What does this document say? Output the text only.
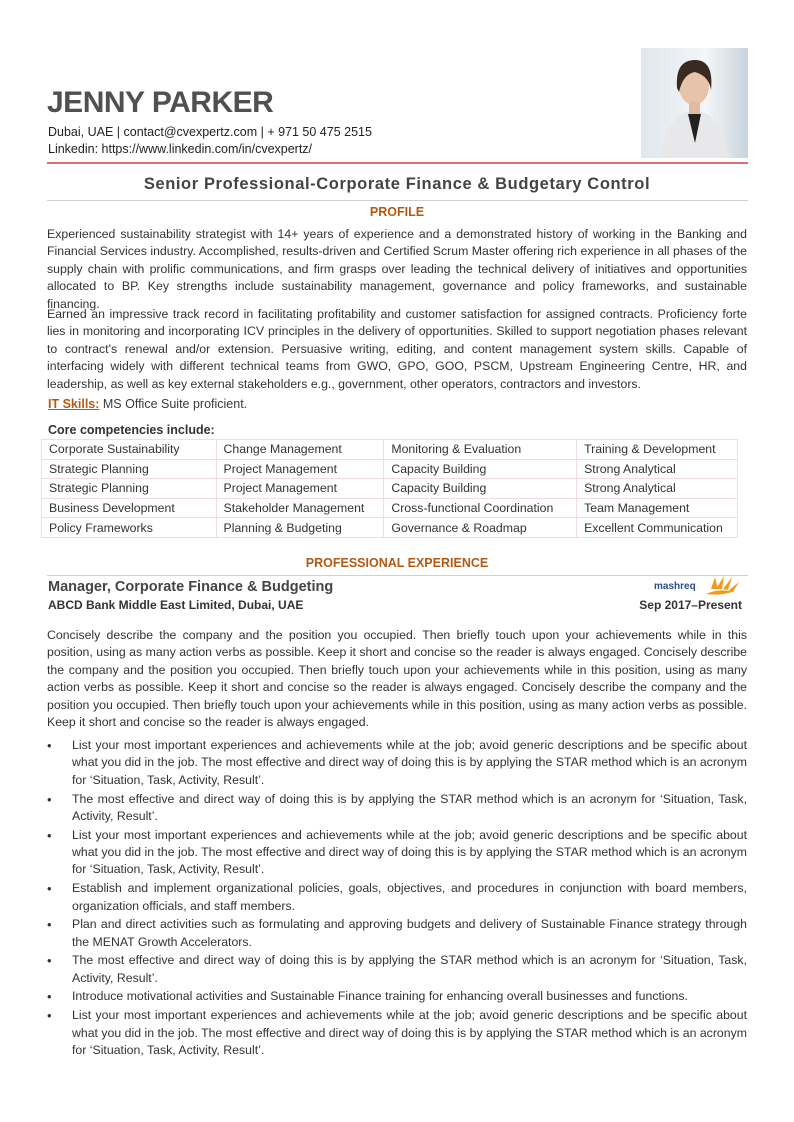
JENNY PARKER
Dubai, UAE | contact@cvexpertz.com | + 971 50 475 2515
Linkedin: https://www.linkedin.com/in/cvexpertz/
Senior Professional-Corporate Finance & Budgetary Control
PROFILE
Experienced sustainability strategist with 14+ years of experience and a demonstrated history of working in the Banking and Financial Services industry. Accomplished, results-driven and Certified Scrum Master offering rich experience in all phases of the supply chain with prolific communications, and firm grasps over leading the technical delivery of initiatives and opportunities allocated to BP. Key strengths include sustainability management, governance and policy frameworks, and sustainable financing.
Earned an impressive track record in facilitating profitability and customer satisfaction for assigned contracts. Proficiency forte lies in monitoring and incorporating ICV principles in the delivery of opportunities. Skilled to support negotiation phases relevant to contract's renewal and/or extension. Persuasive writing, editing, and content management system skills. Capable of interfacing widely with different technical teams from GWO, GPO, GOO, PSCM, Upstream Engineering Centre, HR, and leadership, as well as key external stakeholders e.g., government, other operators, contractors and investors.
IT Skills: MS Office Suite proficient.
Core competencies include:
Corporate Sustainability	Change Management	Monitoring & Evaluation	Training & Development
Strategic Planning	Project Management	Capacity Building	Strong Analytical
Strategic Planning	Project Management	Capacity Building	Strong Analytical
Business Development	Stakeholder Management	Cross-functional Coordination	Team Management
Policy Frameworks	Planning & Budgeting	Governance & Roadmap	Excellent Communication
PROFESSIONAL EXPERIENCE
Manager, Corporate Finance & Budgeting
ABCD Bank Middle East Limited, Dubai, UAE	Sep 2017–Present
mashreq
Concisely describe the company and the position you occupied. Then briefly touch upon your achievements while in this position, using as many action verbs as possible. Keep it short and concise so the reader is always engaged. Concisely describe the company and the position you occupied. Then briefly touch upon your achievements while in this position, using as many action verbs as possible. Keep it short and concise so the reader is always engaged. Concisely describe the company and the position you occupied. Then briefly touch upon your achievements while in this position, using as many action verbs as possible. Keep it short and concise so the reader is always engaged.
• List your most important experiences and achievements while at the job; avoid generic descriptions and be specific about what you did in the job. The most effective and direct way of doing this is by applying the STAR method which is an acronym for ‘Situation, Task, Activity, Result’.
• The most effective and direct way of doing this is by applying the STAR method which is an acronym for ‘Situation, Task, Activity, Result’.
• List your most important experiences and achievements while at the job; avoid generic descriptions and be specific about what you did in the job. The most effective and direct way of doing this is by applying the STAR method which is an acronym for ‘Situation, Task, Activity, Result’.
• Establish and implement organizational policies, goals, objectives, and procedures in conjunction with board members, organization officials, and staff members.
• Plan and direct activities such as formulating and approving budgets and delivery of Sustainable Finance strategy through the MENAT Growth Accelerators.
• The most effective and direct way of doing this is by applying the STAR method which is an acronym for ‘Situation, Task, Activity, Result’.
• Introduce motivational activities and Sustainable Finance training for enhancing overall businesses and functions.
• List your most important experiences and achievements while at the job; avoid generic descriptions and be specific about what you did in the job. The most effective and direct way of doing this is by applying the STAR method which is an acronym for ‘Situation, Task, Activity, Result’.
